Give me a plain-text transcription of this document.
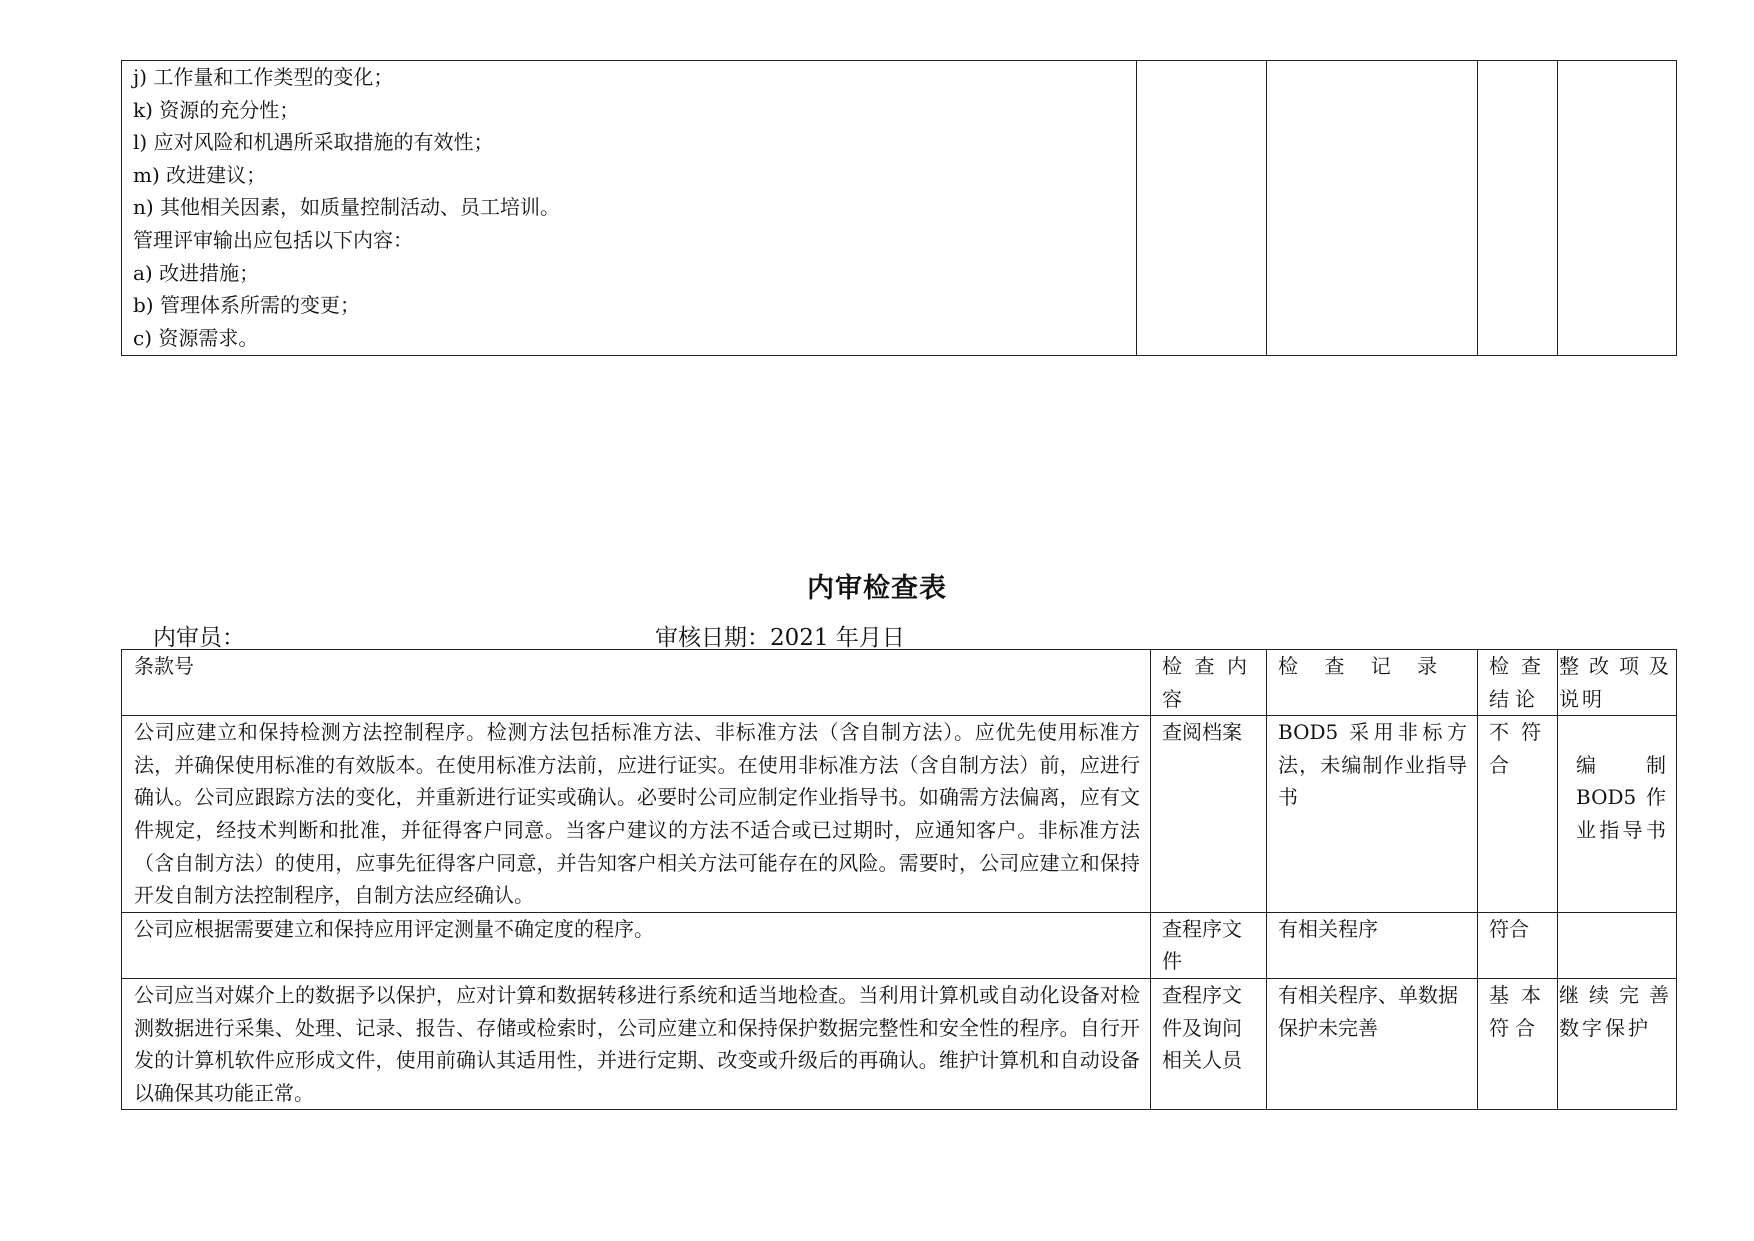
j) 工作量和工作类型的变化；
k) 资源的充分性；
l) 应对风险和机遇所采取措施的有效性；
m) 改进建议；
n) 其他相关因素，如质量控制活动、员工培训。
管理评审输出应包括以下内容：
a) 改进措施；
b) 管理体系所需的变更；
c) 资源需求。

内审检查表
内审员：	审核日期：2021 年月日
条款号	检查内容	检 查 记 录	检查结论	整改项及说明
公司应建立和保持检测方法控制程序。检测方法包括标准方法、非标准方法（含自制方法）。应优先使用标准方法，并确保使用标准的有效版本。在使用标准方法前，应进行证实。在使用非标准方法（含自制方法）前，应进行确认。公司应跟踪方法的变化，并重新进行证实或确认。必要时公司应制定作业指导书。如确需方法偏离，应有文件规定，经技术判断和批准，并征得客户同意。当客户建议的方法不适合或已过期时，应通知客户。非标准方法（含自制方法）的使用，应事先征得客户同意，并告知客户相关方法可能存在的风险。需要时，公司应建立和保持开发自制方法控制程序，自制方法应经确认。	查阅档案	BOD5 采用非标方法，未编制作业指导书	不符合	编制 BOD5 作业指导书

公司应根据需要建立和保持应用评定测量不确定度的程序。	查程序文件	有相关程序	符合	
公司应当对媒介上的数据予以保护，应对计算和数据转移进行系统和适当地检查。当利用计算机或自动化设备对检测数据进行采集、处理、记录、报告、存储或检索时，公司应建立和保持保护数据完整性和安全性的程序。自行开发的计算机软件应形成文件，使用前确认其适用性，并进行定期、改变或升级后的再确认。维护计算机和自动设备以确保其功能正常。	查程序文件及询问相关人员	有相关程序、单数据保护未完善	基本符合	继续完善数字保护
